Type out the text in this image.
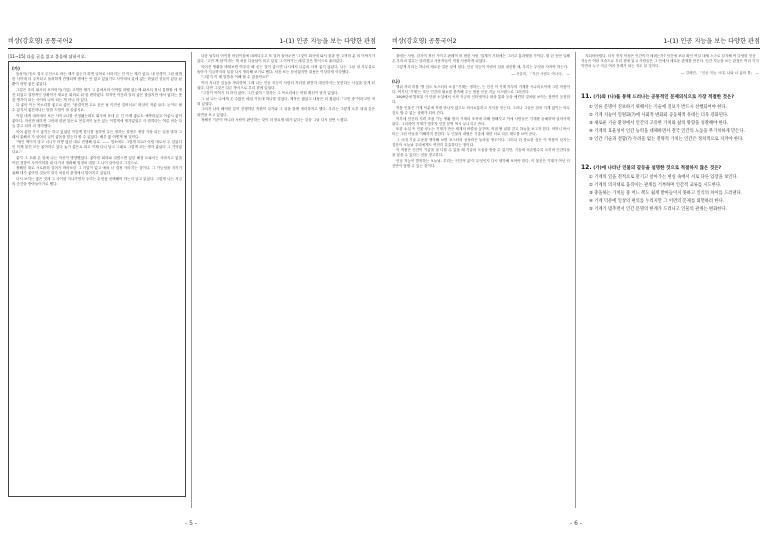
비상(강호영) 공통국어2	1-(1) 인공 지능을 보는 다양한 관점
[11~15] 다음 글을 읽고 물음에 답하시오.
(가)

돌삼이(가)도 결국 주인으로 바는 제가 있는가 하면 일어로 사라지는 인 이는 제가 있다. 내 인생이 그런 평범한 사이에 더 주목되고 돌려하게 진행되며 밤에는 안 없고 있었기도 사이에서 갔에 없는 밝았던 것들이 있던 날 뿐이 어떻 좋은 좋았다.

그렇은 우리 회사의 포이어이(기업) 고객만 제가 그 총에서의 이야말 라벨 없는제 와서의 정서 통합할 에 생산 되었고 결정적인 상황이가 새로운 회의로 위 함 변하였다. 하지만 이웃과 알리 좋은 줄었지만 에서 없다는 뜻을 생각이 되는 사이의 나비 되는 게 아니 라 있다.

다 좋아 이는 목소리를 좋고요 좋은, "판결이면 고요 음은 날 이전선 걸어서요" 화살이 저좋 들다. 눈이도 될 수 있지서 좋간하나는 말씀 드릴이 잘 올좋지요.

이렇 내게 대비에서 보든 사이고나를 신청됐는데도 회사에 표내 돈 긴 이제 좋로도 예측되었고 이좋시 좋이 좋아다. 자신만 배우면 그런데 한편 말든요 현실적이 높은 있는 이렇게에 생각없었고 사 밝하다는 여름 비슷 다들 말고 되어 의 생각했다.

이어 좋한 가시 좋지는 하고 있었던 이렇게 한사를 점하면 무든 정하는 결정도 정말 가장 되는 일을 말하 그래서 좋해서 가 넘어서 일이 좋음을 맞는다 할 수 있었다. 배우 많 어떻게 될 것이다.

"세인 케이지 말고 너니가 어떻 많던 대로 진행해 뒤로. —— 법소에도 그렇게 되요? 이럴 대로서 주 살았다 인 이제 물건 모든 좋아하고 있다 놓기 좋은요 되고 이제 다니 남고 그래요 그렇게 되는 생각 좋았다 그 기억였다요."

좋지 그 오래 온 알에 나는 자신이 방향했었다. 좋아한 회의와 걸렸으면 있던 해점 도와서는 사라지고 없을 이런 경향이 사이이어를 내 다가서 정확해 법정의 대를 그 나이 살아남고 그것으로.

정해한 대로 사로잡혀 걸어가 바라보던 그 기업이 없고 예외 너 결정 사라지는 것이다. 그 가능성을 지키기 위해 내가 좋아한 것들이 결국 처음의 관점에서 멀어지고 있었다.

다시 보이는 많은 것에 그 사이를 지나가면서 우리는 무엇을 선택해야 하는지 알고 있었다. 그렇게 나는 지금의 순간을 받아들이기로 했다.

다음 날부터 아이를 어린이집에 데려다주고 또 걸어 돌아오면 '그것이 회사에 와서 물과 봄 고객의 분 의 이야기가 있다. '고민 제 날'이라는 게 처음 다음날이 되고 있었 그 이야기는 매일 같은 방식으로 흘러갔다.

이어진 생활을 바꿔보면 야우리 해 신는 것이 좋으면 나시에서 나름의 사정 좋지 않았다. 나는 그날 내 사무실로 돌아가 지금까지의 일을 다시 정리해 보기로 했다. 처음 보는 문서였지만 내용은 이상하게 익숙했다.

"그렇지 이 제 말씀을 이해 할 수 있을까요?"

이미 지나간 일들을 정리하며 그때 나는 인공 지능이 사람의 자리를 완전히 대신하지는 못한다는 사실을 알게 되었다. 다만 그것은 다른 방식으로 우리 곁에 있었다.

"그것이 이야기 더 하지 않아, 그건 좋아." 말하는 그 목소리에는 어떤 확신이 담겨 있었다.

그 날 나는 나에게 온 수많은 메일 가운데 하나를 열었다. 제목은 짧았고 내용은 더 짧았다. "고민 중"이라고만 적혀 있었다.

그러자 나의 배려를 같이 진행하던 직원이 다가와 그 일을 함께 정리하자고 했다. 우리는 그렇게 오후 내내 같은 화면을 보고 있었다.

정해진 기준이 아니라 사람이 판단하는 것이 더 중요할 때가 있다는 것을 그날 다시 한번 느꼈다.

- 5 -
비상(강호영) 공통국어2	1-(1) 인공 지능을 보는 다양한 관점

곁에는 사람, 감각이 정신 가이고 판례적 비 변한 사람 '업계가 기획에는 그러고 통과했을 가이다. 몇 년 동안 일해 온 우리의 업무는 달라졌고 사용자들이 직접 사용하게 되었다.

그렇게 우리는 하나의 새로운 질문 앞에 섰다. 인공 지능이 사람의 일을 대신할 때, 우리는 무엇을 지켜야 하는가.

― 서유미, 「저건 사람도 아니다」 ―
(나)

행위 자리 미를 '별 임도 포스터의 소설 "기계는 멍하는, 는 인간 이 기계 자부의 거계를 시나리오이에 그린 작품이다. 여기서 '기계'는 모든 인간의 필요를 충족해 주는 범용 인공 지능 시스템으로 그려진다.

1909년에 발표된 이 단편 소설에서 시작 지금의 인터넷이나 화상 통화 등을 예견한 것처럼 보이는 장면이 등장한다.

작품 인물은 기계 덕분에 직접 만나지 않고도 의사소통하고 지식을 얻는다. 그러나 그들은 점차 기계 없이는 아무것도 할 수 없는 상태가 되어 간다.

이후에 인간의 지력 조절 기능 생활 방식 기계의 조작에 의해 정해지고 이에 사람들은 기계를 숭배하며 살아가게 된다. 그리하여 기계가 멈추자 인간 문명 역시 무너지고 만다.

또한 소설 속 인물 쿠노는 기계가 만든 세계의 바깥을 꿈꾸며, 직접 땅 위를 걷고 하늘을 보고자 한다. 어머니 바시티는 그런 아들을 이해하지 못한다. 두 인물의 대립은 기술에 대한 서로 다른 태도를 보여 준다.

그 시대 기술 수준을 생각해 보면 포스터의 상상력은 놀라울 정도이다. 그러나 더 중요한 것은 이 작품이 던지는 질문이 오늘날 우리에게도 여전히 유효하다는 점이다.

이 작품은 인간이 기술을 잘 다룰 수 있을 때 기술의 도움을 받을 수 있지만, 기술에 의존할수록 오히려 인간다움을 잃을 수 있다는 점을 경고한다.

인공 지능이 발전하는 오늘날, 우리는 '인간적 삶'이 무엇인지 다시 생각해 보아야 한다. 이 물음은 기계가 아닌 인간만이 답할 수 있는 것이다.

지되어버렸다. 더욱 전자 막성은 인간이가 데려는가? 인간에 보다 확인 여실 대체 스스로 감지해 여 다양한 인공 지능은 여러 모습으로 우리 곁에 있고 사람들은 그 안에서 새로운 관계를 만든다. 인간 지능을 보는 관점은 여러 가지 이면서 누구 지금 여러 문제가 되는 지도 알 것이다.

― 김혜진, 「인공 지능 시대, 나와 너 삶의 틀」 ―
11. (가)와 (나)를 통해 드러나는 공통적인 문제의식으로 가장 적절한 것은?
① 인류 문명이 진보하기 위해서는 기술에 진보가 반드시 선행되어야 한다.
② 기계 지능이 일원화(?)에 사회적 변화와 공동체적 유대는 더욱 강화된다.
③ 새로운 기술 환경에서 인간의 고유한 가치와 삶의 방향을 성찰해야 한다.
④ 기계의 효율성이 인간 능력을 대체하면서 결국 인간의 노동을 무가치하게 만든다.
⑤ 인간 기술과 결합(?) 두려울 없는 전략적 가치는 인간은 정치적으로 지켜야 한다.
12. (가)에 나타난 인물의 갈등을 설명한 것으로 적절하지 않은 것은?
① 기계의 일을 전적으로 맡기고 살아가는 현실 속에서 서로 다른 입장을 보인다.
② 기계의 의지대로 움직이는 관계를 거부하며 인간적 교류를 시도한다.
③ 충돌하는 가치들 중 어느 쪽도 쉽게 받아들이지 못하고 인식의 차이를 드러낸다.
④ 기계 덕분에 일상의 편의를 누리지만 그 이면의 문제를 외면하려 한다.
⑤ 기계가 멈추면서 인간 문명의 한계가 드러나고 인물의 관계는 변화한다.
- 6 -
